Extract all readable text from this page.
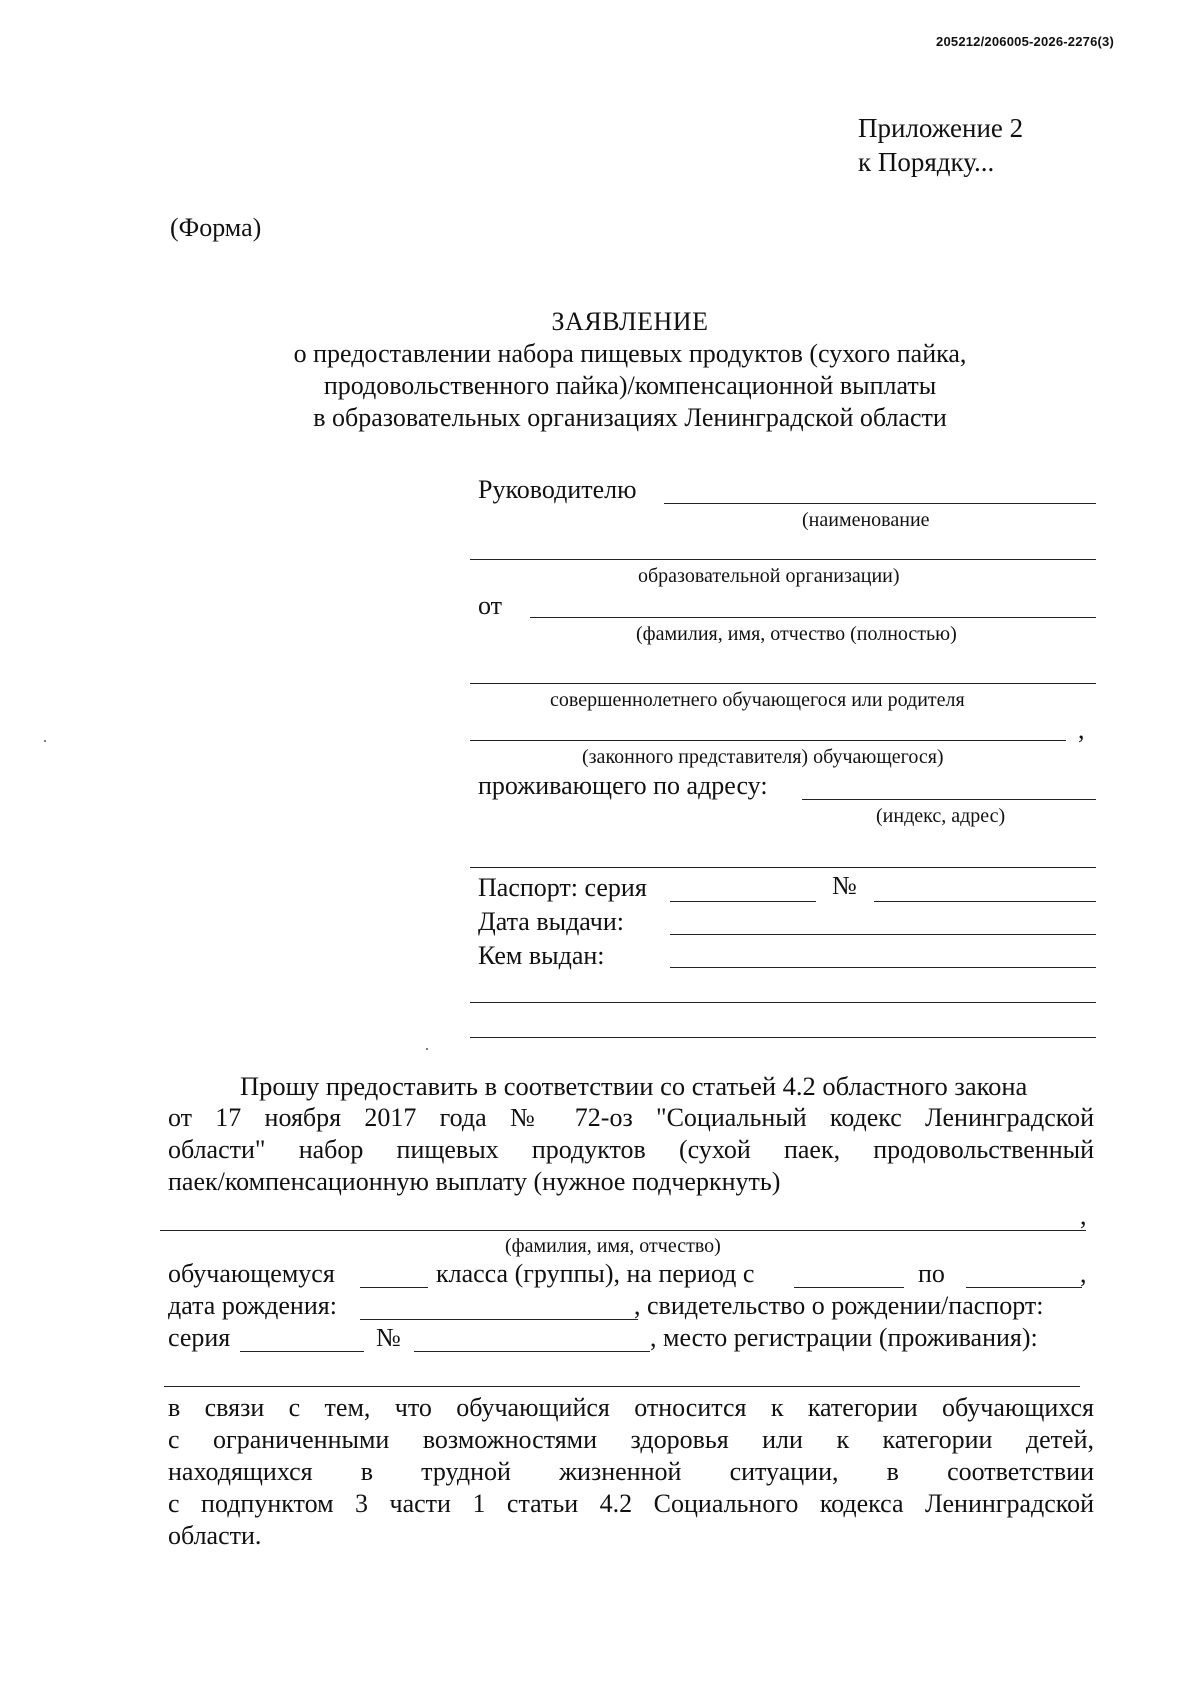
205212/206005-2026-2276(3)
Приложение 2
к Порядку...
(Форма)
ЗАЯВЛЕНИЕ
о предоставлении набора пищевых продуктов (сухого пайка,
продовольственного пайка)/компенсационной выплаты
в образовательных организациях Ленинградской области
Руководителю
(наименование
образовательной организации)
от
(фамилия, имя, отчество (полностью)
совершеннолетнего обучающегося или родителя
,
(законного представителя) обучающегося)
проживающего по адресу:
(индекс, адрес)
Паспорт: серия	№
Дата выдачи:
Кем выдан:
Прошу предоставить в соответствии со статьей 4.2 областного закона
от 17 ноября 2017 года № 72-оз "Социальный кодекс Ленинградской
области" набор пищевых продуктов (сухой паек, продовольственный
паек/компенсационную выплату (нужное подчеркнуть)
,
(фамилия, имя, отчество)
обучающемуся	класса (группы), на период с	по	,
дата рождения:	, свидетельство о рождении/паспорт:
серия	№	, место регистрации (проживания):
в связи с тем, что обучающийся относится к категории обучающихся
с ограниченными возможностями здоровья или к категории детей,
находящихся в трудной жизненной ситуации, в соответствии
с подпунктом 3 части 1 статьи 4.2 Социального кодекса Ленинградской
области.
